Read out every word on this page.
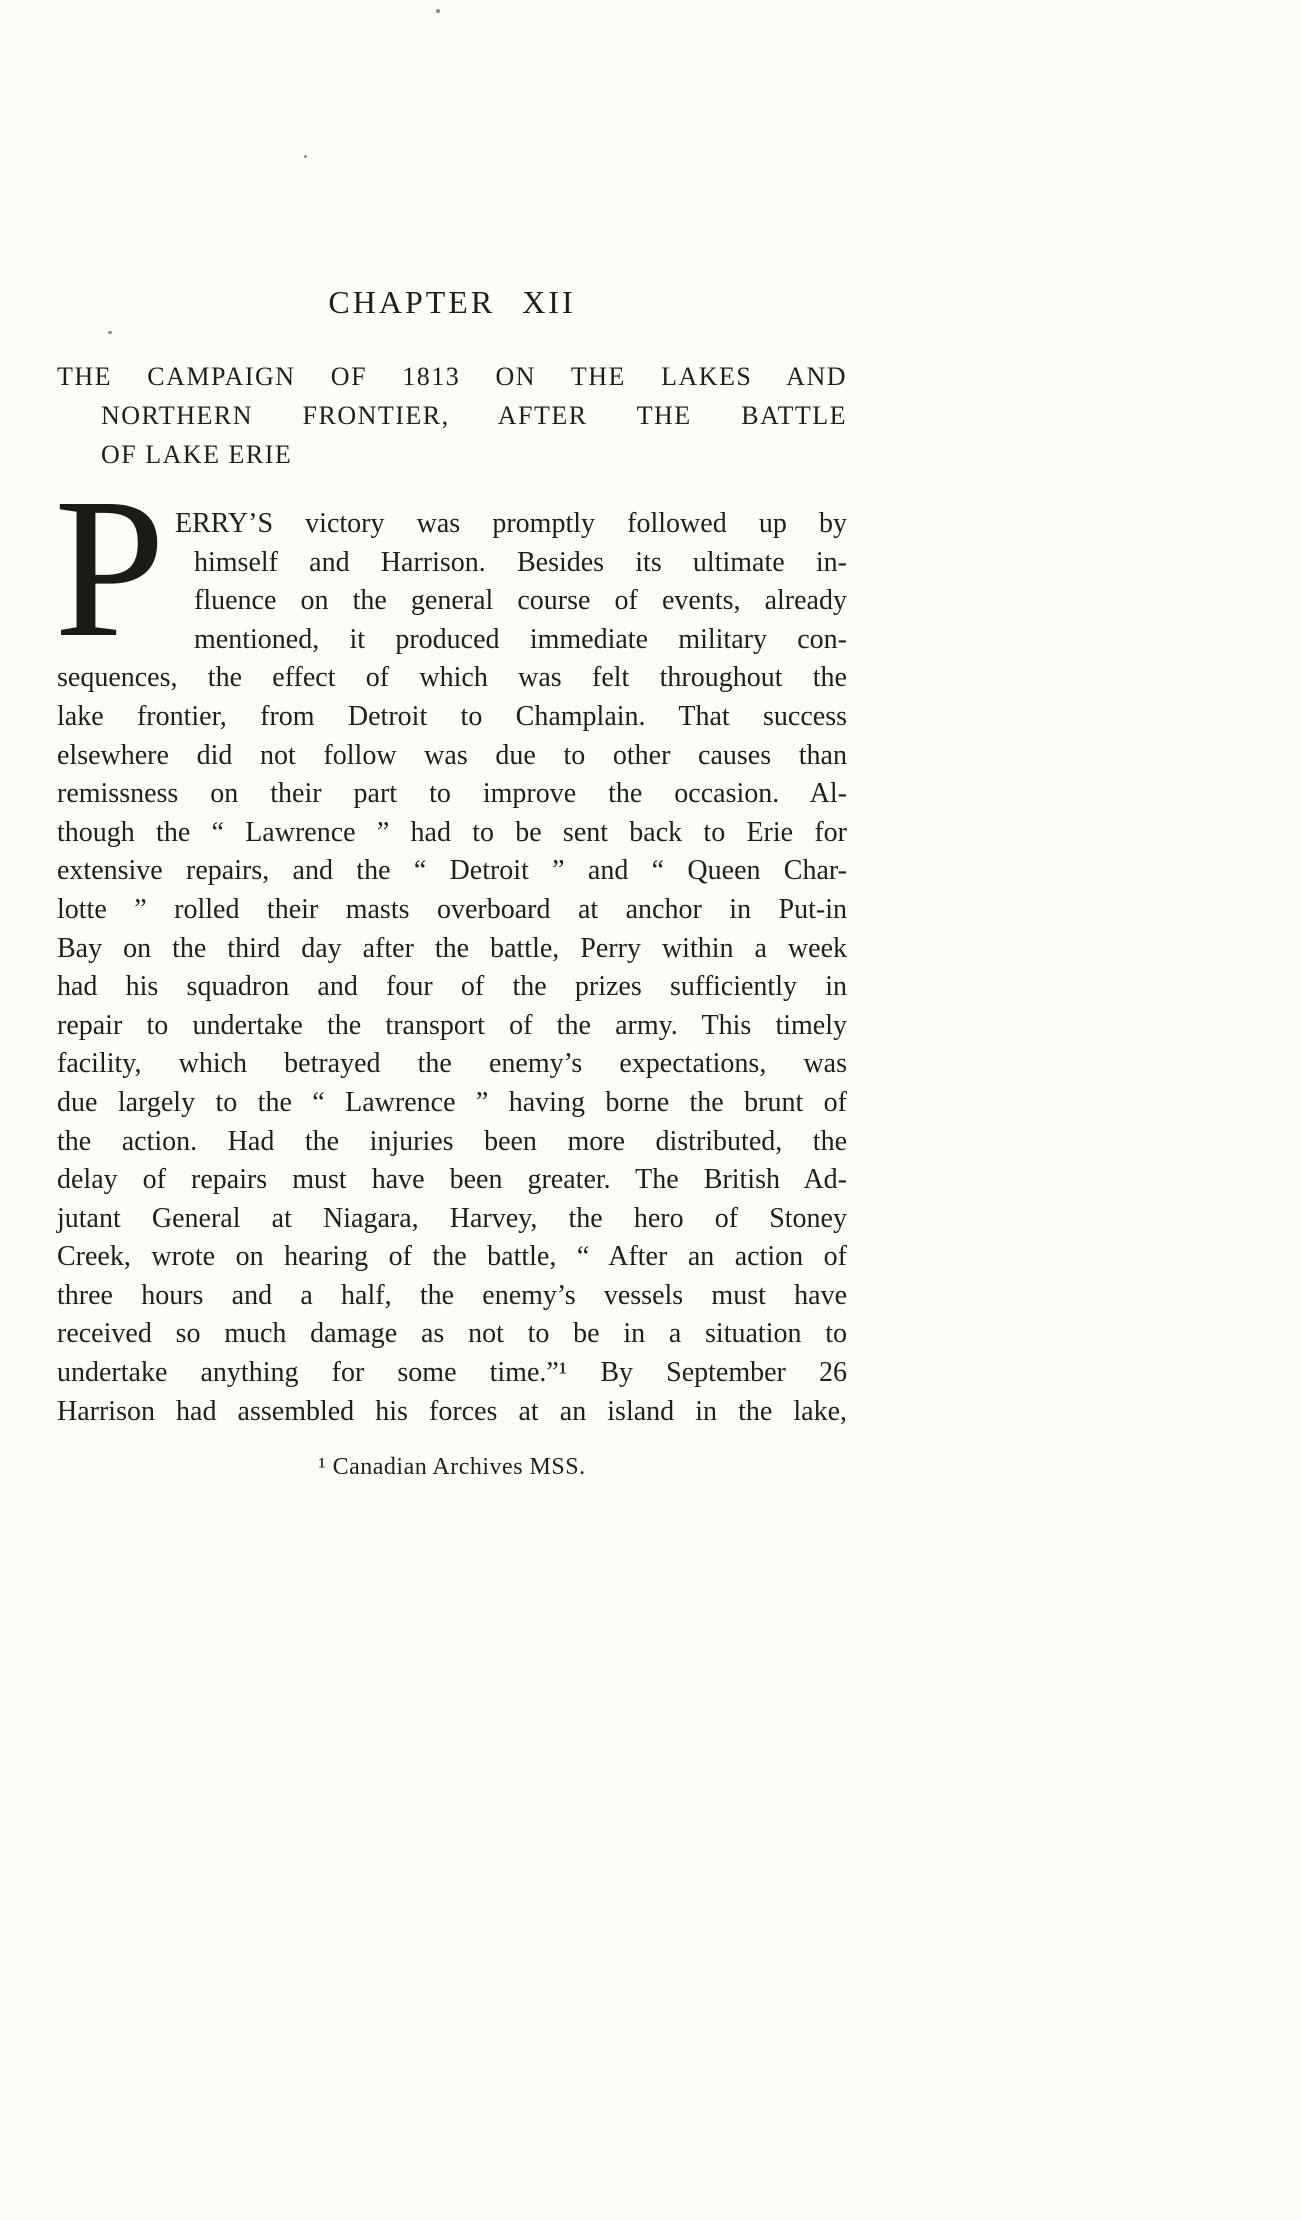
CHAPTER XII
THE CAMPAIGN OF 1813 ON THE LAKES AND
NORTHERN FRONTIER, AFTER THE BATTLE
OF LAKE ERIE
P ERRY’S victory was promptly followed up by
himself and Harrison. Besides its ultimate in-
fluence on the general course of events, already
mentioned, it produced immediate military con-
sequences, the effect of which was felt throughout the
lake frontier, from Detroit to Champlain. That success
elsewhere did not follow was due to other causes than
remissness on their part to improve the occasion. Al-
though the “ Lawrence ” had to be sent back to Erie for
extensive repairs, and the “ Detroit ” and “ Queen Char-
lotte ” rolled their masts overboard at anchor in Put-in
Bay on the third day after the battle, Perry within a week
had his squadron and four of the prizes sufficiently in
repair to undertake the transport of the army. This timely
facility, which betrayed the enemy’s expectations, was
due largely to the “ Lawrence ” having borne the brunt of
the action. Had the injuries been more distributed, the
delay of repairs must have been greater. The British Ad-
jutant General at Niagara, Harvey, the hero of Stoney
Creek, wrote on hearing of the battle, “ After an action of
three hours and a half, the enemy’s vessels must have
received so much damage as not to be in a situation to
undertake anything for some time.”¹ By September 26
Harrison had assembled his forces at an island in the lake,
¹ Canadian Archives MSS.
